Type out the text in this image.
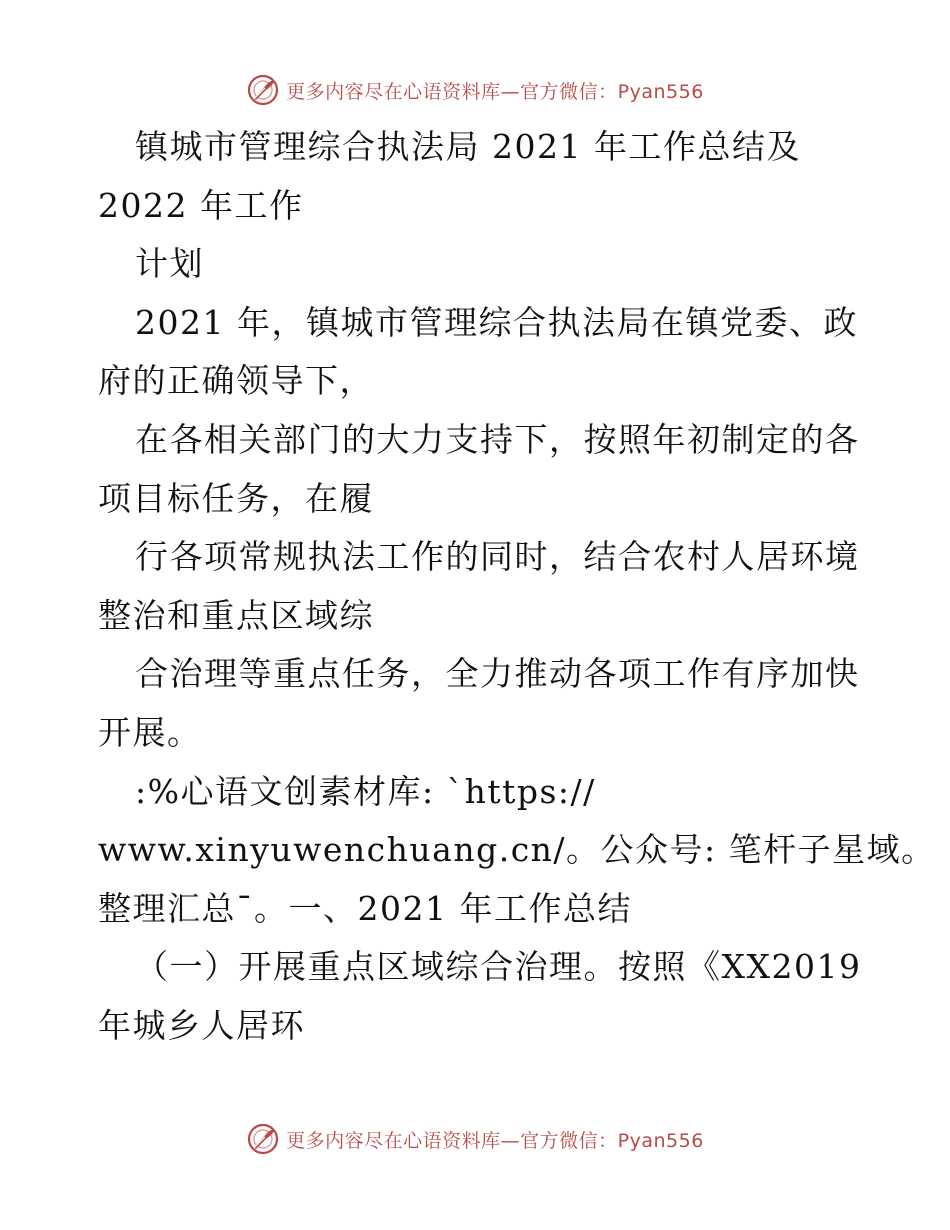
更多内容尽在心语资料库—官方微信：Pyan556

镇城市管理综合执法局 2021 年工作总结及

2022 年工作

计划

2021 年，镇城市管理综合执法局在镇党委、政

府的正确领导下，

在各相关部门的大力支持下，按照年初制定的各

项目标任务，在履

行各项常规执法工作的同时，结合农村人居环境

整治和重点区域综

合治理等重点任务，全力推动各项工作有序加快

开展。

:%心语文创素材库: `https://

www.xinyuwenchuang.cn/。公众号: 笔杆子星域。

整理汇总¯。一、2021 年工作总结

（一）开展重点区域综合治理。按照《XX2019

年城乡人居环

更多内容尽在心语资料库—官方微信：Pyan556
